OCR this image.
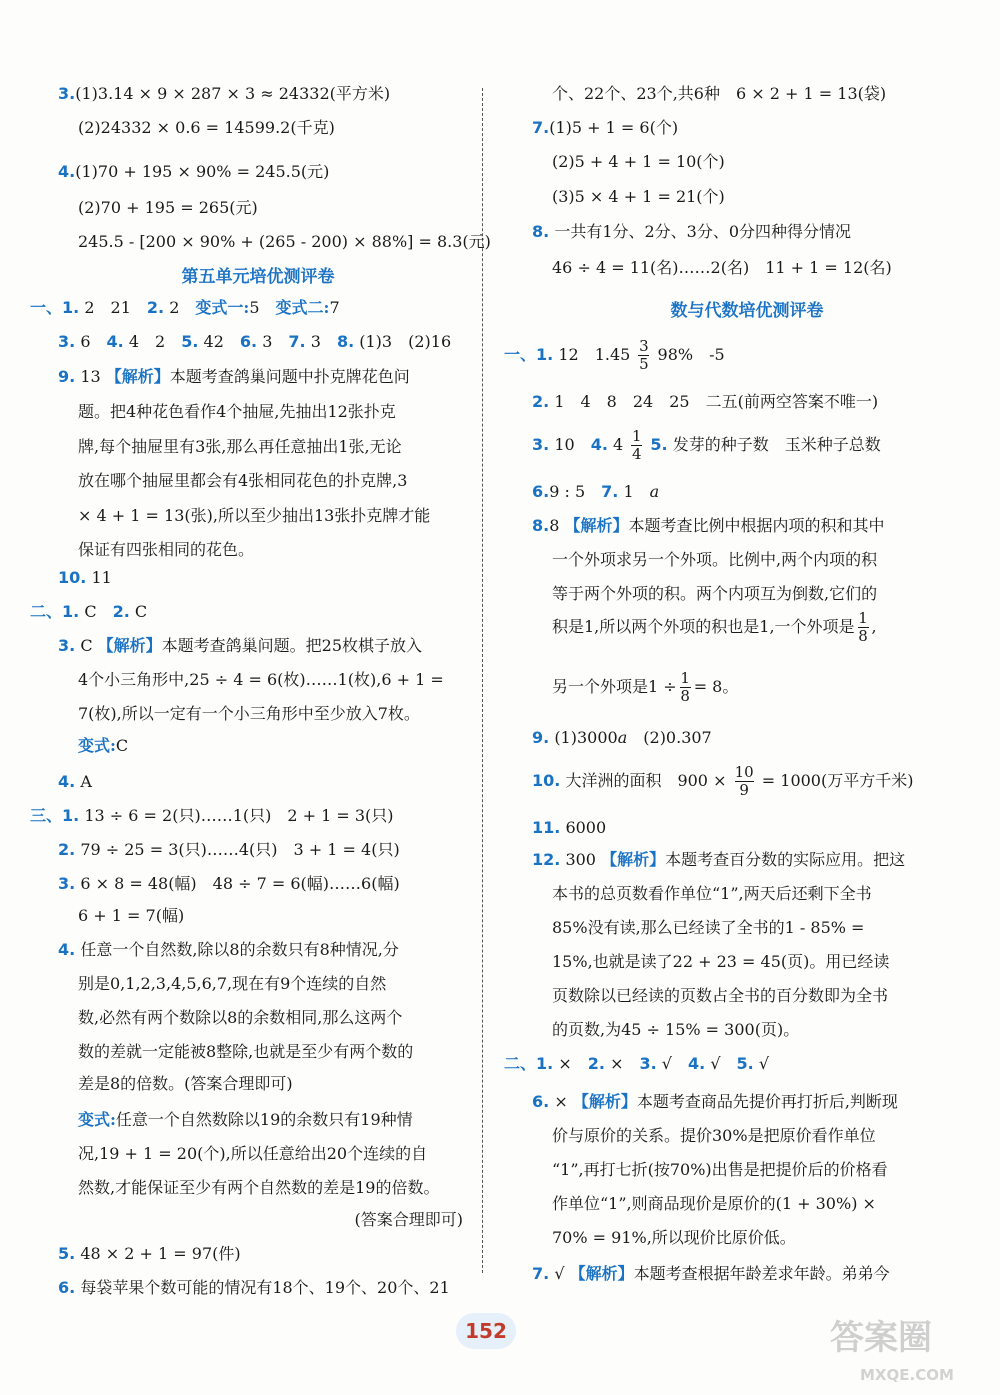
3.(1)3.14 × 9 × 287 × 3 ≈ 24332(平方米)
(2)24332 × 0.6 = 14599.2(千克)
4.(1)70 + 195 × 90% = 245.5(元)
(2)70 + 195 = 265(元)
245.5 - [200 × 90% + (265 - 200) × 88%] = 8.3(元)
第五单元培优测评卷
一、1. 2　21　 2. 2　 变式一:5　 变式二:7
3. 6　 4. 4　2　 5. 42　 6. 3　 7. 3　 8. (1)3　(2)16
9. 13 【解析】本题考查鸽巢问题中扑克牌花色问
题。把4种花色看作4个抽屉,先抽出12张扑克
牌,每个抽屉里有3张,那么再任意抽出1张,无论
放在哪个抽屉里都会有4张相同花色的扑克牌,3
× 4 + 1 = 13(张),所以至少抽出13张扑克牌才能
保证有四张相同的花色。
10. 11
二、1. C　 2. C
3. C 【解析】本题考查鸽巢问题。把25枚棋子放入
4个小三角形中,25 ÷ 4 = 6(枚)……1(枚),6 + 1 =
7(枚),所以一定有一个小三角形中至少放入7枚。
变式:C
4. A
三、1. 13 ÷ 6 = 2(只)……1(只)　2 + 1 = 3(只)
2. 79 ÷ 25 = 3(只)……4(只)　3 + 1 = 4(只)
3. 6 × 8 = 48(幅)　48 ÷ 7 = 6(幅)……6(幅)
6 + 1 = 7(幅)
4. 任意一个自然数,除以8的余数只有8种情况,分
别是0,1,2,3,4,5,6,7,现在有9个连续的自然
数,必然有两个数除以8的余数相同,那么这两个
数的差就一定能被8整除,也就是至少有两个数的
差是8的倍数。(答案合理即可)
变式:任意一个自然数除以19的余数只有19种情
况,19 + 1 = 20(个),所以任意给出20个连续的自
然数,才能保证至少有两个自然数的差是19的倍数。
(答案合理即可)
5. 48 × 2 + 1 = 97(件)
6. 每袋苹果个数可能的情况有18个、19个、20个、21
个、22个、23个,共6种　6 × 2 + 1 = 13(袋)
7.(1)5 + 1 = 6(个)
(2)5 + 4 + 1 = 10(个)
(3)5 × 4 + 1 = 21(个)
8. 一共有1分、2分、3分、0分四种得分情况
46 ÷ 4 = 11(名)……2(名)　11 + 1 = 12(名)
数与代数培优测评卷
一、1. 12　$1.45 \frac{3}{5} 98\%$　-5
2. 1　4　8　24　25　二五(前两空答案不唯一)
3. 10　 4. $4 \frac{1}{4} 5$. 发芽的种子数　玉米种子总数
6.9 : 5　 7. 1　 a
8.8 【解析】本题考查比例中根据内项的积和其中
一个外项求另一个外项。比例中,两个内项的积
等于两个外项的积。两个内项互为倒数,它们的
积是1,所以两个外项的积也是1,一个外项是 $\frac{1}{8}$ ,
另一个外项是$1 \div \frac{1}{8} = 8$。
9. (1)3000a　 (2)0.307
10. 大洋洲的面积　$900 \times \frac{10}{9} = 1000$(万平方千米)
11. 6000
12. 300 【解析】本题考查百分数的实际应用。把这
本书的总页数看作单位“1”,两天后还剩下全书
85%没有读,那么已经读了全书的1 - 85% =
15%,也就是读了22 + 23 = 45(页)。用已经读
页数除以已经读的页数占全书的百分数即为全书
的页数,为45 ÷ 15% = 300(页)。
二、1. ×　 2. ×　 3. √　 4. √　 5. √
6. × 【解析】本题考查商品先提价再打折后,判断现
价与原价的关系。提价30%是把原价看作单位
“1”,再打七折(按70%)出售是把提价后的价格看
作单位“1”,则商品现价是原价的(1 + 30%) ×
70% = 91%,所以现价比原价低。
7. √ 【解析】本题考查根据年龄差求年龄。弟弟今
152	答案圈
MXQE.COM
